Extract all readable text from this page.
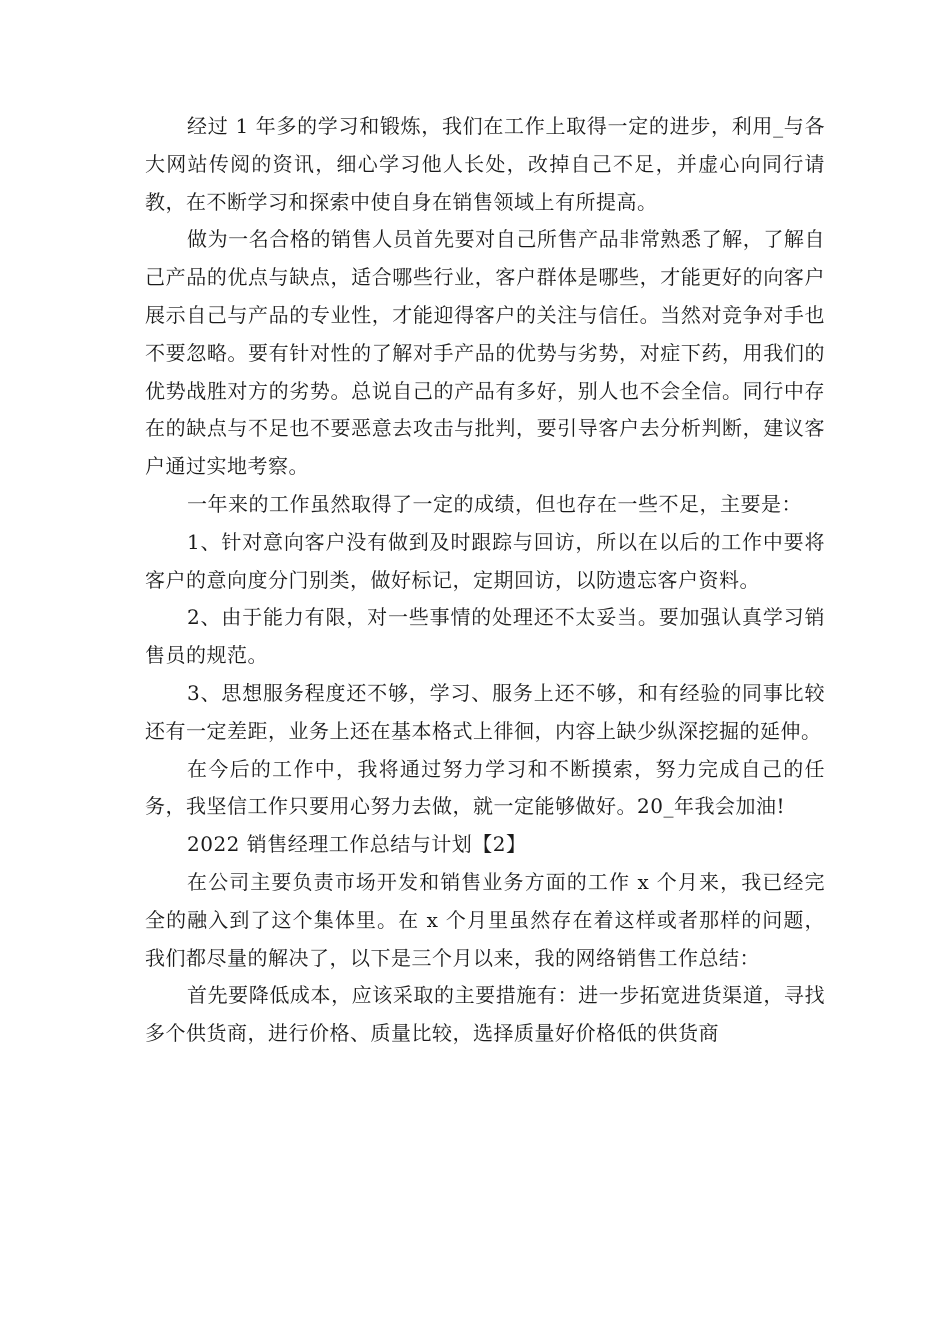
经过 1 年多的学习和锻炼，我们在工作上取得一定的进步，利用_与各大网站传阅的资讯，细心学习他人长处，改掉自己不足，并虚心向同行请教，在不断学习和探索中使自身在销售领域上有所提高。

做为一名合格的销售人员首先要对自己所售产品非常熟悉了解，了解自己产品的优点与缺点，适合哪些行业，客户群体是哪些，才能更好的向客户展示自己与产品的专业性，才能迎得客户的关注与信任。当然对竞争对手也不要忽略。要有针对性的了解对手产品的优势与劣势，对症下药，用我们的优势战胜对方的劣势。总说自己的产品有多好，别人也不会全信。同行中存在的缺点与不足也不要恶意去攻击与批判，要引导客户去分析判断，建议客户通过实地考察。

一年来的工作虽然取得了一定的成绩，但也存在一些不足，主要是：

1、针对意向客户没有做到及时跟踪与回访，所以在以后的工作中要将客户的意向度分门别类，做好标记，定期回访，以防遗忘客户资料。

2、由于能力有限，对一些事情的处理还不太妥当。要加强认真学习销售员的规范。

3、思想服务程度还不够，学习、服务上还不够，和有经验的同事比较还有一定差距，业务上还在基本格式上徘徊，内容上缺少纵深挖掘的延伸。

在今后的工作中，我将通过努力学习和不断摸索，努力完成自己的任务，我坚信工作只要用心努力去做，就一定能够做好。20_年我会加油!

2022 销售经理工作总结与计划【2】

在公司主要负责市场开发和销售业务方面的工作 x 个月来，我已经完全的融入到了这个集体里。在 x 个月里虽然存在着这样或者那样的问题，我们都尽量的解决了，以下是三个月以来，我的网络销售工作总结：

首先要降低成本，应该采取的主要措施有：进一步拓宽进货渠道，寻找多个供货商，进行价格、质量比较，选择质量好价格低的供货商
